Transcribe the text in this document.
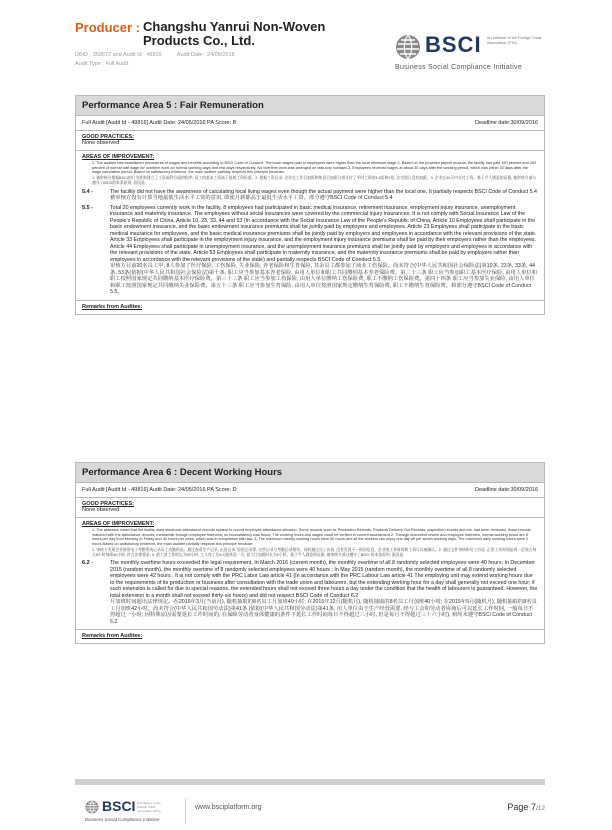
Producer : Changshu Yanrui Non-Woven Products Co., Ltd.
DBID : 358672 and Audit Id : 49816	Audit Date : 24/05/2016
Audit Type : Full Audit
BSCI An initiative of the Foreign Trade Association (FTA)
Business Social Compliance Initiative
Performance Area 5 : Fair Remuneration
Full Audit [Audit Id - 49816] Audit Date: 24/05/2016 PA Score: B	Deadline date:30/09/2016
GOOD PRACTICES:
None observed
AREAS OF IMPROVEMENT:
1. The auditee has established procedures of wages and benefits according to BSCI Code of Conduct. The basic wages paid to employees were higher than the local minimum wage.2. Based on the provided payroll records, the facility had paid 150 percent and 200 percent of normal rate wage for overtime work on normal working days and rest days respectively. No overtime work was arranged on statutory holidays.3. Employees received wages at about 30 days after the working period, which was within 30 days after the wage calculation period. Based on satisfactory evidence, the main auditee partially respects this principle because:
1. 被审核方根据BSCI的行为准则建立了工资福利方面的程序; 员工的基本工资高于最低工资标准。2. 根据工资记录, 企业在工作日加班和休息日加班分别支付了平时工资的1.5倍和2倍, 法定假日没有加班。3. 企业在30天内支付工资。基于令人满意的证据, 被审核方部分遵守了BSCI的本条原则, 原因是:
5.4 -	The facility did not have the awareness of calculating local living wages even though the actual payment were higher than the local one. It partially respects BSCI Code of Conduct 5.4
被审核方没有计算当地最低生活水平工资的意识, 即使月薪都高于最低生活水平工资。部分遵守BSCI Code of Conduct 5.4
5.5 -	Total 20 employees currently work in the facility, 8 employees had participated in basic medical insurance, retirement insurance, employment injury insurance, unemployment insurance and maternity insurance. The employees without social insurances were covered by the commercial injury insurances. It is not comply with Social Insurance Law of the People's Republic of China, Article 10, 23, 33, 44 and 53 (In accordance with the Social Insurance Law of the People's Republic of China, Article 10 Employees shall participate in the basic endowment insurance, and the basic endowment insurance premiums shall be jointly paid by employers and employees. Article 23 Employees shall participate in the basic medical insurance for employees, and the basic medical insurance premiums shall be jointly paid by employers and employees in accordance with the relevant provisions of the state. Article 33 Employees shall participate in the employment injury insurance, and the employment injury insurance premiums shall be paid by their employers rather than the employees. Article 44 Employees shall participate in unemployment insurance, and the unemployment insurance premiums shall be jointly paid by employers and employees in accordance with the relevant provisions of the state. Article 53 Employees shall participate in maternity insurance, and the maternity insurance premiums shall be paid by employers rather than employees in accordance with the relevant provisions of the state) and partially respects BSCI Code of Conduct 5.5
审核方目前20名员工中, 8人参加了医疗保险, 工伤保险, 失业保险, 养老保险和生育保险, 其余员工都参加了商业工伤保险。尚未符合(中华人民共和国社会保险法)第10条, 23条, 33条, 44条, 53条(依据(中华人民共和国社会保险法)第十条, 职工应当参加基本养老保险, 由用人单位和职工共同缴纳基本养老保险费。第二十三条 职工应当参加职工基本医疗保险, 由用人单位和职工按照国家规定共同缴纳基本医疗保险费。第三十三条 职工应当参加工伤保险, 由用人单位缴纳工伤保险费, 职工不缴纳工伤保险费。第四十四条 职工应当参加失业保险, 由用人单位和职工按照国家规定共同缴纳失业保险费。第五十三条 职工应当参加生育保险, 由用人单位按照国家规定缴纳生育保险费, 职工不缴纳生育保险费。和部分遵守BSCI Code of Conduct 5.5。
Remarks from Auditee:
Performance Area 6 : Decent Working Hours
Full Audit [Audit Id - 49816] Audit Date: 24/05/2016 PA Score: D	Deadline date:30/09/2016
GOOD PRACTICES:
None observed
AREAS OF IMPROVEMENT:
1. The assessor noted that the facility used electronic attendance records system to record employee attendance situation. Some records such as Production Records, Products Delivery Out Records, inspection records and etc. had been reviewed, those records matched with the attendance records, meanwhile through employee interview, no inconsistency was found. The working hours and wages could be verified in current assessment.2. Through document review and employee interview, normal working hours are 8 hours per day from Monday to Friday and 40 hours per week, which was in compliance with law. 3. The maximum weekly working hours were 50 hours and all the workers can enjoy one day off per seven working days. The maximum daily working hours were 2 hours Based on satisfactory evidence, the main auditee partially respects this principle because:
1. 审核方发现企业使用电子考勤系统记录员工出勤情况。通过查看生产记录, 出货记录, 检验记录等, 这些记录与考勤记录相符。同时通过员工访谈, 没有发现不一致的信息。企业的工作时间和工资可以被确认。2. 通过文件审核和员工访谈, 正常工作时间是周一至周五每天8小时每周40小时, 符合法律要求; 3. 最大周工作时长为50小时, 工人每工作6天能休息一天; 最大日加班时长为2小时。基于令人满意的证据, 被审核方部分遵守了BSCI 的本条原则, 原因是:
6.2 -	The monthly overtime hours exceeded the legal requirement. In March 2016 (current month), the monthly overtime of all 8 randomly selected employees were 40 hours; In December 2015 (random month), the monthly overtime of 8 randomly selected employees were 40 hours ; In May 2015 (random month), the monthly overtime of all 8 randomly selected employees were 42 hours . It is not comply with the PRC Labor Law article 41 (In accordance with the PRC Labour Law article 41 The employing unit may extend working hours due to the requirements of its production or business after consultation with the trade union and labourers, but the extending working hour for a day shall generally not exceed one hour; if such extension is called for due to special reasons, the extended hours shall not exceed three hours a day under the condition that the health of labourers is guaranteed. However, the total extension in a month shall not exceed thirty-six hours) and did not respect BSCI Code of Conduct 6.2
月加班时间超出法律规定。在2016年3月(当前月), 随机抽取的8名员工月加班40小时; 在2015年12月(随机月), 随机抽取的8名员工月加班40小时; 在2015年5月(随机月), 随机抽取的8名员工月加班42小时。尚未符合(中华人民共和国劳动法)第41条 (依据(中华人民共和国劳动法)第41条, 用人单位由于生产经营需要, 经与工会和劳动者协商后可以延长工作时间, 一般每日不得超过一小时; 因特殊原因需要延长工作时间的, 在保障劳动者身体健康的条件下延长工作时间每日不得超过三小时, 但是每月不得超过三十六小时), 和尚未遵守BSCI Code of Conduct 6.2
Remarks from Auditee:
BSCI An initiative of the Foreign Trade Association (FTA)
Business Social Compliance Initiative
www.bsciplatform.org	Page 7/12
